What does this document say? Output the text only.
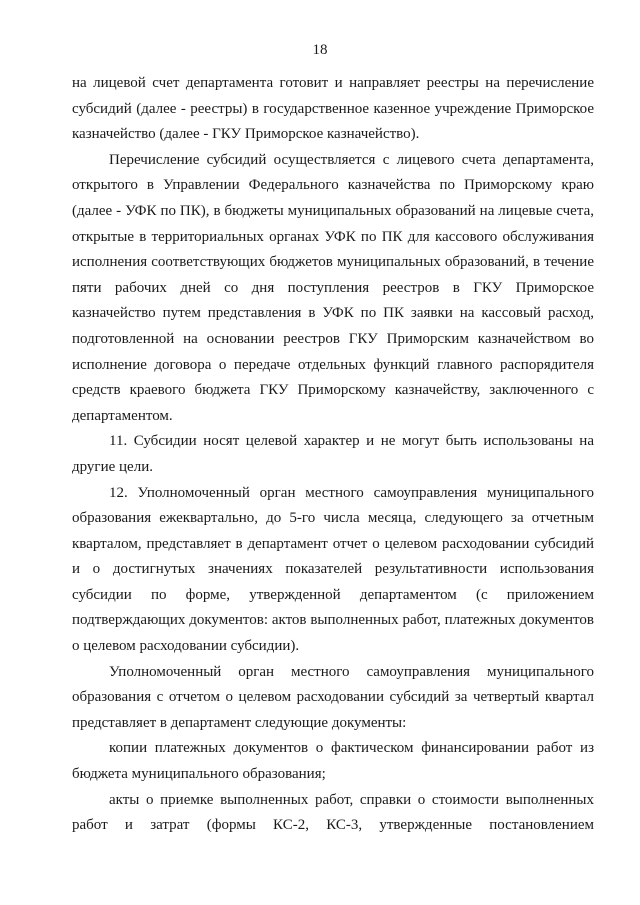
18

на лицевой счет департамента готовит и направляет реестры на перечисление субсидий (далее - реестры) в государственное казенное учреждение Приморское казначейство (далее - ГКУ Приморское казначейство).

Перечисление субсидий осуществляется с лицевого счета департамента, открытого в Управлении Федерального казначейства по Приморскому краю (далее - УФК по ПК), в бюджеты муниципальных образований на лицевые счета, открытые в территориальных органах УФК по ПК для кассового обслуживания исполнения соответствующих бюджетов муниципальных образований, в течение пяти рабочих дней со дня поступления реестров в ГКУ Приморское казначейство путем представления в УФК по ПК заявки на кассовый расход, подготовленной на основании реестров ГКУ Приморским казначейством во исполнение договора о передаче отдельных функций главного распорядителя средств краевого бюджета ГКУ Приморскому казначейству, заключенного с департаментом.

11. Субсидии носят целевой характер и не могут быть использованы на другие цели.

12. Уполномоченный орган местного самоуправления муниципального образования ежеквартально, до 5-го числа месяца, следующего за отчетным кварталом, представляет в департамент отчет о целевом расходовании субсидий и о достигнутых значениях показателей результативности использования субсидии по форме, утвержденной департаментом (с приложением подтверждающих документов: актов выполненных работ, платежных документов о целевом расходовании субсидии).

Уполномоченный орган местного самоуправления муниципального образования с отчетом о целевом расходовании субсидий за четвертый квартал представляет в департамент следующие документы:

копии платежных документов о фактическом финансировании работ из бюджета муниципального образования;

акты о приемке выполненных работ, справки о стоимости выполненных работ и затрат (формы КС-2, КС-3, утвержденные постановлением
